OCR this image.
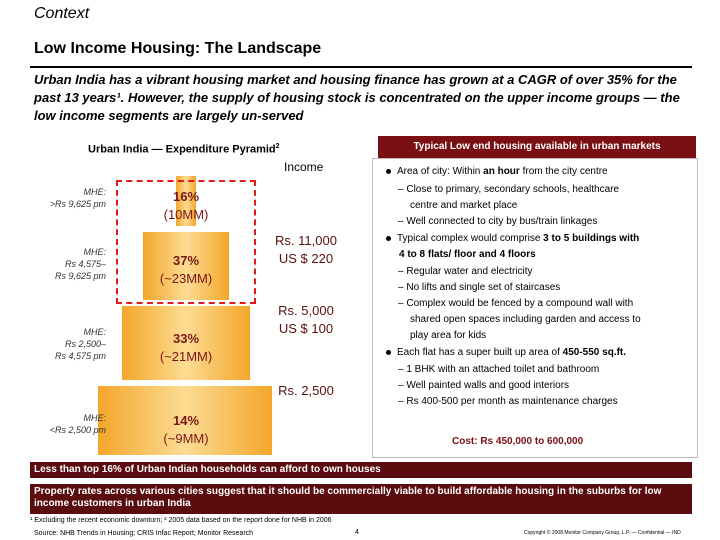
Context
Low Income Housing: The Landscape
Urban India has a vibrant housing market and housing finance has grown at a CAGR of over 35% for the past 13 years¹. However, the supply of housing stock is concentrated on the upper income groups — the low income segments are largely un-served
Urban India — Expenditure Pyramid$^2$
Income
MHE:
>Rs 9,625 pm
MHE:
Rs 4,575–
Rs 9,625 pm
MHE:
Rs 2,500–
Rs 4,575 pm
MHE:
<Rs 2,500 pm
16%
(10MM)
37%
(~23MM)
33%
(~21MM)
14%
(~9MM)
Rs. 11,000
US $ 220
Rs. 5,000
US $ 100
Rs. 2,500
Typical Low end housing available in urban markets
Area of city: Within an hour from the city centre
– Close to primary, secondary schools, healthcare
centre and market place
– Well connected to city by bus/train linkages
Typical complex would comprise 3 to 5 buildings with
4 to 8 flats/ floor and 4 floors
– Regular water and electricity
– No lifts and single set of staircases
– Complex would be fenced by a compound wall with
shared open spaces including garden and access to
play area for kids
Each flat has a super built up area of 450-550 sq.ft.
– 1 BHK with an attached toilet and bathroom
– Well painted walls and good interiors
– Rs 400-500 per month as maintenance charges
Cost: Rs 450,000 to 600,000
Less than top 16% of Urban Indian households can afford to own houses
Property rates across various cities suggest that it should be commercially viable to build affordable housing in the suburbs for low income customers in urban India
¹ Excluding the recent economic downturn; ² 2005 data based on the report done for NHB in 2006
Source: NHB Trends in Housing; CRIS Infac Report; Monitor Research	4	Copyright © 2008 Monitor Company Group, L.P. — Confidential — IND
